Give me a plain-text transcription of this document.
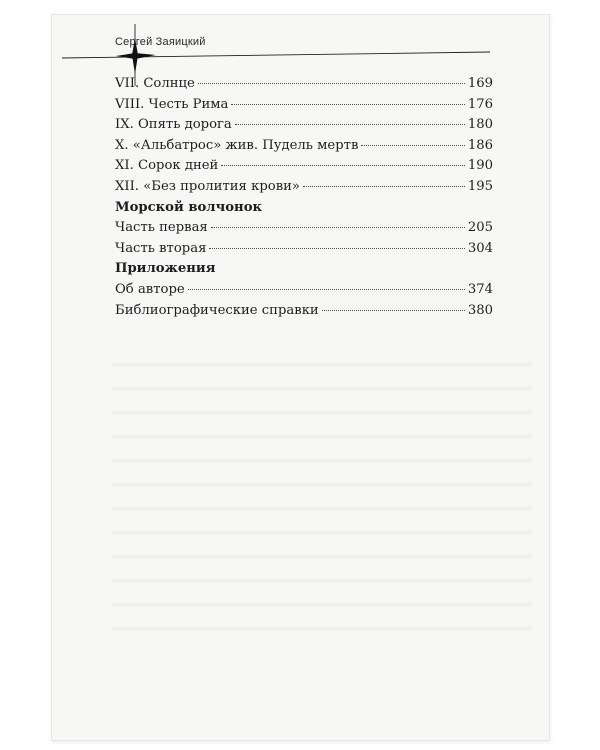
Сергей Заяицкий
VII. Солнце	169
VIII. Честь Рима	176
IX. Опять дорога	180
X. «Альбатрос» жив. Пудель мертв	186
XI. Сорок дней	190
XII. «Без пролития крови»	195
Морской волчонок
Часть первая	205
Часть вторая	304
Приложения
Об авторе	374
Библиографические справки	380
